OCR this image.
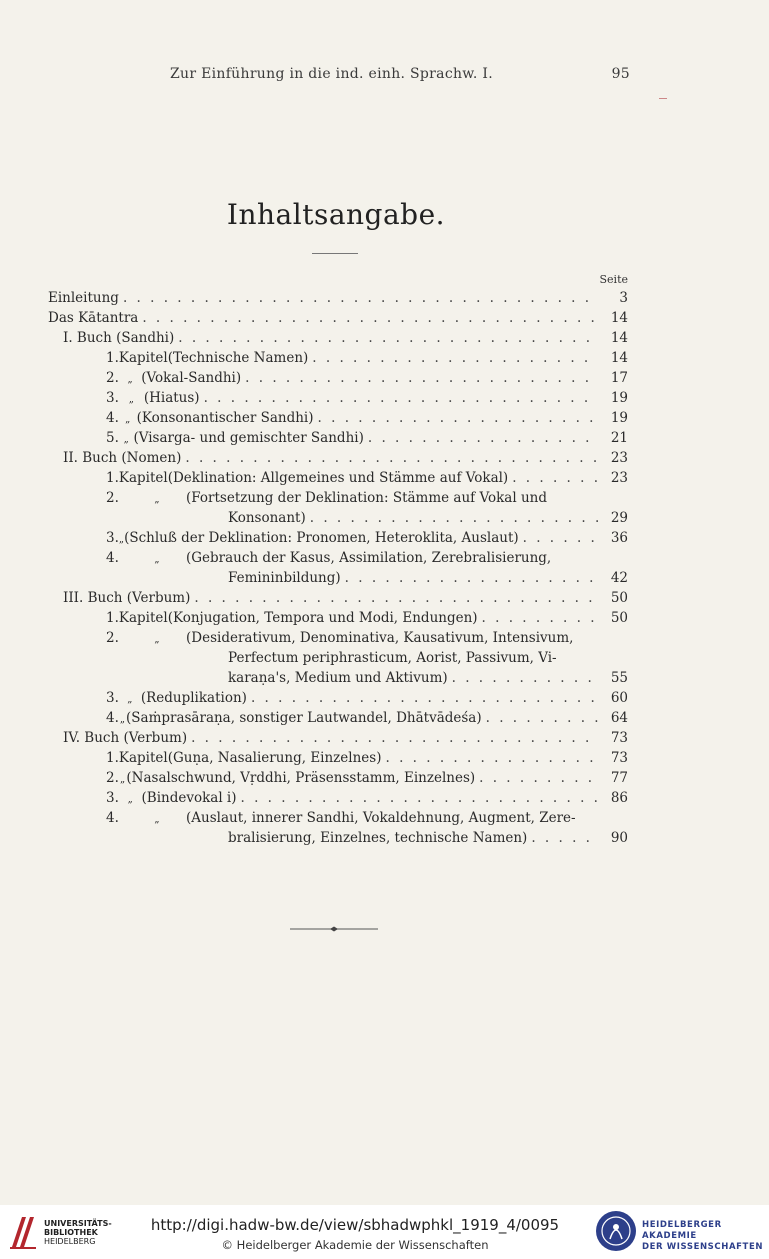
Zur Einführung in die ind. einh. Sprachw. I.	95
Inhaltsangabe.
Seite
Einleitung . . .	3
Das Kātantra . . .	14
I. Buch (Sandhi) . . .	14
1. Kapitel (Technische Namen) . . .	14
2. „ (Vokal-Sandhi) . . .	17
3. „ (Hiatus) . . .	19
4. „ (Konsonantischer Sandhi) . . .	19
5. „ (Visarga- und gemischter Sandhi) . . .	21
II. Buch (Nomen) . . .	23
1. Kapitel (Deklination: Allgemeines und Stämme auf Vokal) . . .	23
2.	„	(Fortsetzung der Deklination: Stämme auf Vokal und
Konsonant) . . .	29
3. „ (Schluß der Deklination: Pronomen, Heteroklita, Auslaut) . . .	36
4.	„	(Gebrauch der Kasus, Assimilation, Zerebralisierung,
Femininbildung) . . .	42
III. Buch (Verbum) . . .	50
1. Kapitel (Konjugation, Tempora und Modi, Endungen) . . .	50
2.	„	(Desiderativum, Denominativa, Kausativum, Intensivum,
Perfectum periphrasticum, Aorist, Passivum, Vi-
karaṇa's, Medium und Aktivum) . . .	55
3. „ (Reduplikation) . . .	60
4. „ (Saṁprasāraṇa, sonstiger Lautwandel, Dhātvādeśa) . . .	64
IV. Buch (Verbum) . . .	73
1. Kapitel (Guṇa, Nasalierung, Einzelnes) . . .	73
2. „ (Nasalschwund, Vṛddhi, Präsensstamm, Einzelnes) . . .	77
3. „ (Bindevokal i) . . .	86
4.	„	(Auslaut, innerer Sandhi, Vokaldehnung, Augment, Zere-
bralisierung, Einzelnes, technische Namen) . . .	90
UNIVERSITÄTS-
BIBLIOTHEK
HEIDELBERG
http://digi.hadw-bw.de/view/sbhadwphkl_1919_4/0095
© Heidelberger Akademie der Wissenschaften
HEIDELBERGER AKADEMIE
DER WISSENSCHAFTEN
